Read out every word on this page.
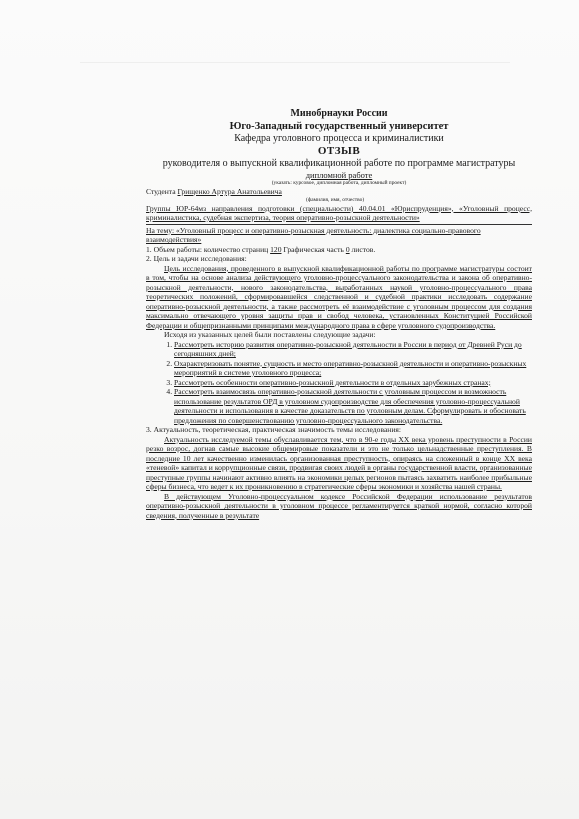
Минобрнауки России

Юго-Западный государственный университет

Кафедра уголовного процесса и криминалистики

ОТЗЫВ

руководителя о выпускной квалификационной работе по программе магистратуры

дипломной работе

(указать: курсовое, дипломная работа, дипломный проект)

Студента Грищенко Артура Анатольевича

(фамилия, имя, отчество)

Группы ЮР-64мз направления подготовки (специальности) 40.04.01 «Юриспруденция», «Уголовный процесс, криминалистика, судебная экспертиза, теория оперативно-розыскной деятельности»

На тему: «Уголовный процесс и оперативно-розыскная деятельность: диалектика социально-правового взаимодействия»

1. Объем работы: количество страниц 120 Графическая часть 0 листов.

2. Цель и задачи исследования:

Цель исследования, проведенного в выпускной квалификационной работы по программе магистратуры состоит в том, чтобы на основе анализа действующего уголовно-процессуального законодательства и закона об оперативно-розыскной деятельности, нового законодательства, выработанных наукой уголовно-процессуального права теоретических положений, сформировавшейся следственной и судебной практики исследовать содержание оперативно-розыскной деятельности, а также рассмотреть её взаимодействие с уголовным процессом для создания максимально отвечающего уровня защиты прав и свобод человека, установленных Конституцией Российской Федерации и общепризнанными принципами международного права в сфере уголовного судопроизводства.

Исходя из указанных целей были поставлены следующие задачи:

1. Рассмотреть историю развития оперативно-розыскной деятельности в России в период от Древней Руси до сегодняшних дней;
2. Охарактеризовать понятие, сущность и место оперативно-розыскной деятельности и оперативно-розыскных мероприятий в системе уголовного процесса;
3. Рассмотреть особенности оперативно-розыскной деятельности в отдельных зарубежных странах;
4. Рассмотреть взаимосвязь оперативно-розыскной деятельности с уголовным процессом и возможность использование результатов ОРД в уголовном судопроизводстве для обеспечения уголовно-процессуальной деятельности и использования в качестве доказательств по уголовным делам. Сформулировать и обосновать предложения по совершенствованию уголовно-процессуального законодательства.

3. Актуальность, теоретическая, практическая значимость темы исследования:

Актуальность исследуемой темы обуславливается тем, что в 90-е годы XX века уровень преступности в России резко возрос, догнав самые высокие общемировые показатели и это не только цельнадственные преступления. В последние 10 лет качественно изменилась организованная преступность, опираясь на сложенный в конце XX века «теневой» капитал и коррупционные связи, продвигая своих людей в органы государственной власти, организованные преступные группы начинают активно влиять на экономики целых регионов пытаясь захватить наиболее прибыльные сферы бизнеса, что ведет к их проникновению в стратегические сферы экономики и хозяйства нашей страны.

В действующем Уголовно-процессуальном кодексе Российской Федерации использование результатов оперативно-розыскной деятельности в уголовном процессе регламентируется краткой нормой, согласно которой сведения, полученные в результате
